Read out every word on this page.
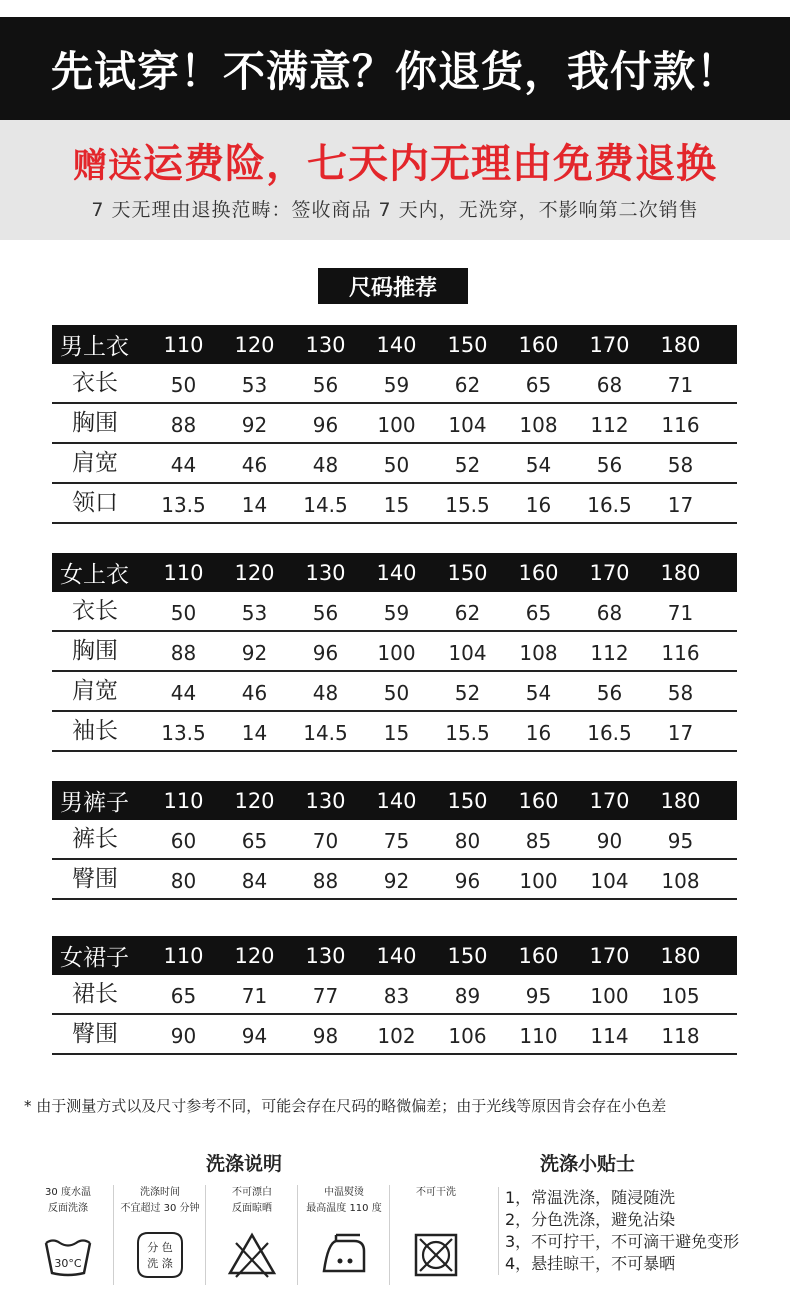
先试穿！不满意？你退货，我付款！
赠送运费险，七天内无理由免费退换
7 天无理由退换范畴：签收商品 7 天内，无洗穿，不影响第二次销售
尺码推荐
男上衣	110	120	130	140	150	160	170	180
衣长	50	53	56	59	62	65	68	71
胸围	88	92	96	100	104	108	112	116
肩宽	44	46	48	50	52	54	56	58
领口	13.5	14	14.5	15	15.5	16	16.5	17
女上衣	110	120	130	140	150	160	170	180
衣长	50	53	56	59	62	65	68	71
胸围	88	92	96	100	104	108	112	116
肩宽	44	46	48	50	52	54	56	58
袖长	13.5	14	14.5	15	15.5	16	16.5	17
男裤子	110	120	130	140	150	160	170	180
裤长	60	65	70	75	80	85	90	95
臀围	80	84	88	92	96	100	104	108
女裙子	110	120	130	140	150	160	170	180
裙长	65	71	77	83	89	95	100	105
臀围	90	94	98	102	106	110	114	118
* 由于测量方式以及尺寸参考不同，可能会存在尺码的略微偏差；由于光线等原因肯会存在小色差
洗涤说明	洗涤小贴士
30 度水温
反面洗涤
30°C
洗涤时间
不宜超过 30 分钟
分 色
洗 涤
不可漂白
反面晾晒
中温熨烫
最高温度 110 度
不可干洗	1，常温洗涤，随浸随洗
2，分色洗涤，避免沾染
3，不可拧干，不可滴干避免变形
4，悬挂晾干，不可暴晒
